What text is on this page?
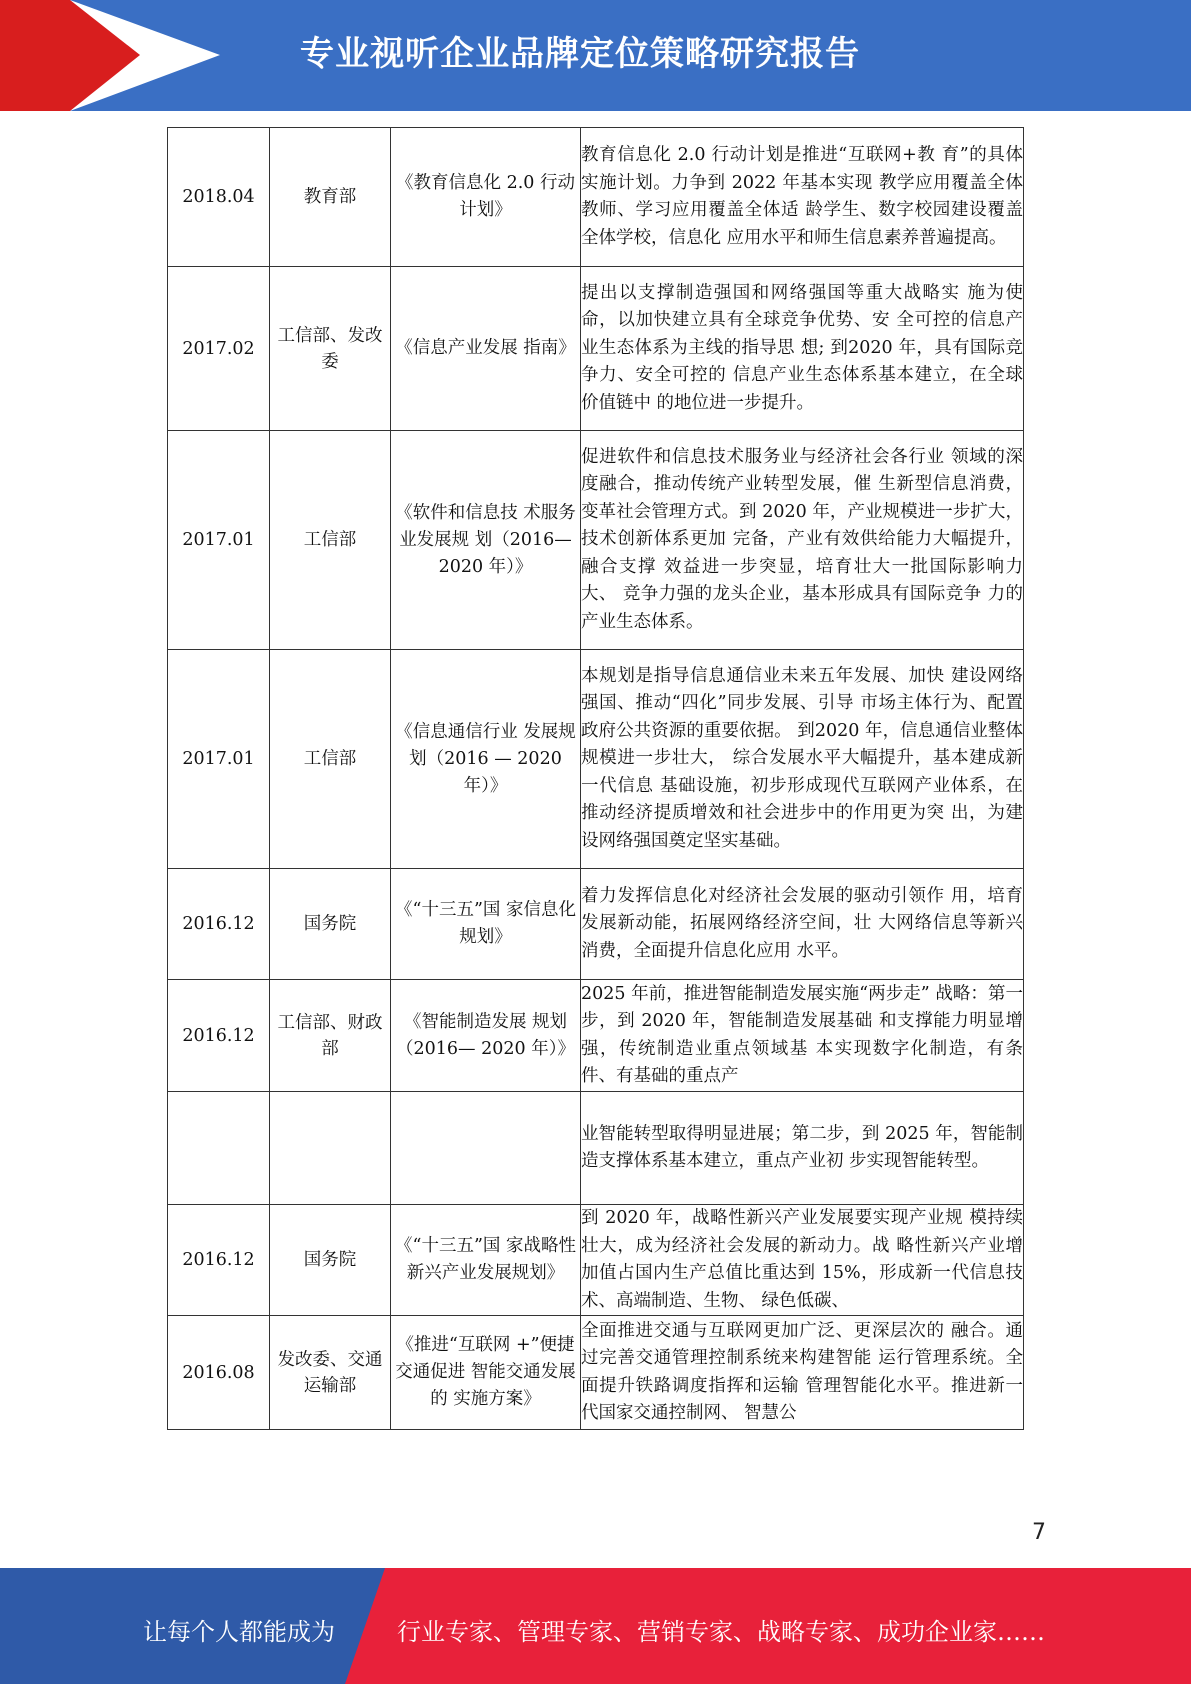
专业视听企业品牌定位策略研究报告
2018.04	教育部	《教育信息化 2.0 行动计划》	教育信息化 2.0 行动计划是推进“互联网+教 育”的具体实施计划。力争到 2022 年基本实现 教学应用覆盖全体教师、学习应用覆盖全体适 龄学生、数字校园建设覆盖全体学校，信息化 应用水平和师生信息素养普遍提高。
2017.02	工信部、发改委	《信息产业发展 指南》	提出以支撑制造强国和网络强国等重大战略实 施为使命，以加快建立具有全球竞争优势、安 全可控的信息产业生态体系为主线的指导思 想; 到2020 年，具有国际竞争力、安全可控的 信息产业生态体系基本建立，在全球价值链中 的地位进一步提升。
2017.01	工信部	《软件和信息技 术服务业发展规 划（2016— 2020 年）》	促进软件和信息技术服务业与经济社会各行业 领域的深度融合，推动传统产业转型发展，催 生新型信息消费，变革社会管理方式。到 2020 年，产业规模进一步扩大，技术创新体系更加 完备，产业有效供给能力大幅提升，融合支撑 效益进一步突显，培育壮大一批国际影响力大、 竞争力强的龙头企业，基本形成具有国际竞争 力的产业生态体系。
2017.01	工信部	《信息通信行业 发展规划（2016 — 2020 年）》	本规划是指导信息通信业未来五年发展、加快 建设网络强国、推动“四化”同步发展、引导 市场主体行为、配置政府公共资源的重要依据。 到2020 年，信息通信业整体规模进一步壮大， 综合发展水平大幅提升，基本建成新一代信息 基础设施，初步形成现代互联网产业体系，在 推动经济提质增效和社会进步中的作用更为突 出，为建设网络强国奠定坚实基础。
2016.12	国务院	《“十三五”国 家信息化规划》	着力发挥信息化对经济社会发展的驱动引领作 用，培育发展新动能，拓展网络经济空间，壮 大网络信息等新兴消费，全面提升信息化应用 水平。
2016.12	工信部、财政部	《智能制造发展 规划（2016— 2020 年）》	2025 年前，推进智能制造发展实施“两步走” 战略：第一步，到 2020 年，智能制造发展基础 和支撑能力明显增强，传统制造业重点领域基 本实现数字化制造，有条件、有基础的重点产
			业智能转型取得明显进展；第二步，到 2025 年，智能制造支撑体系基本建立，重点产业初 步实现智能转型。
2016.12	国务院	《“十三五”国 家战略性新兴产业发展规划》	到 2020 年，战略性新兴产业发展要实现产业规 模持续壮大，成为经济社会发展的新动力。战 略性新兴产业增加值占国内生产总值比重达到 15%，形成新一代信息技术、高端制造、生物、 绿色低碳、
2016.08	发改委、交通运输部	《推进“互联网 +”便捷交通促进 智能交通发展的 实施方案》	全面推进交通与互联网更加广泛、更深层次的 融合。通过完善交通管理控制系统来构建智能 运行管理系统。全面提升铁路调度指挥和运输 管理智能化水平。推进新一代国家交通控制网、 智慧公
7
让每个人都能成为	行业专家、管理专家、营销专家、战略专家、成功企业家……
